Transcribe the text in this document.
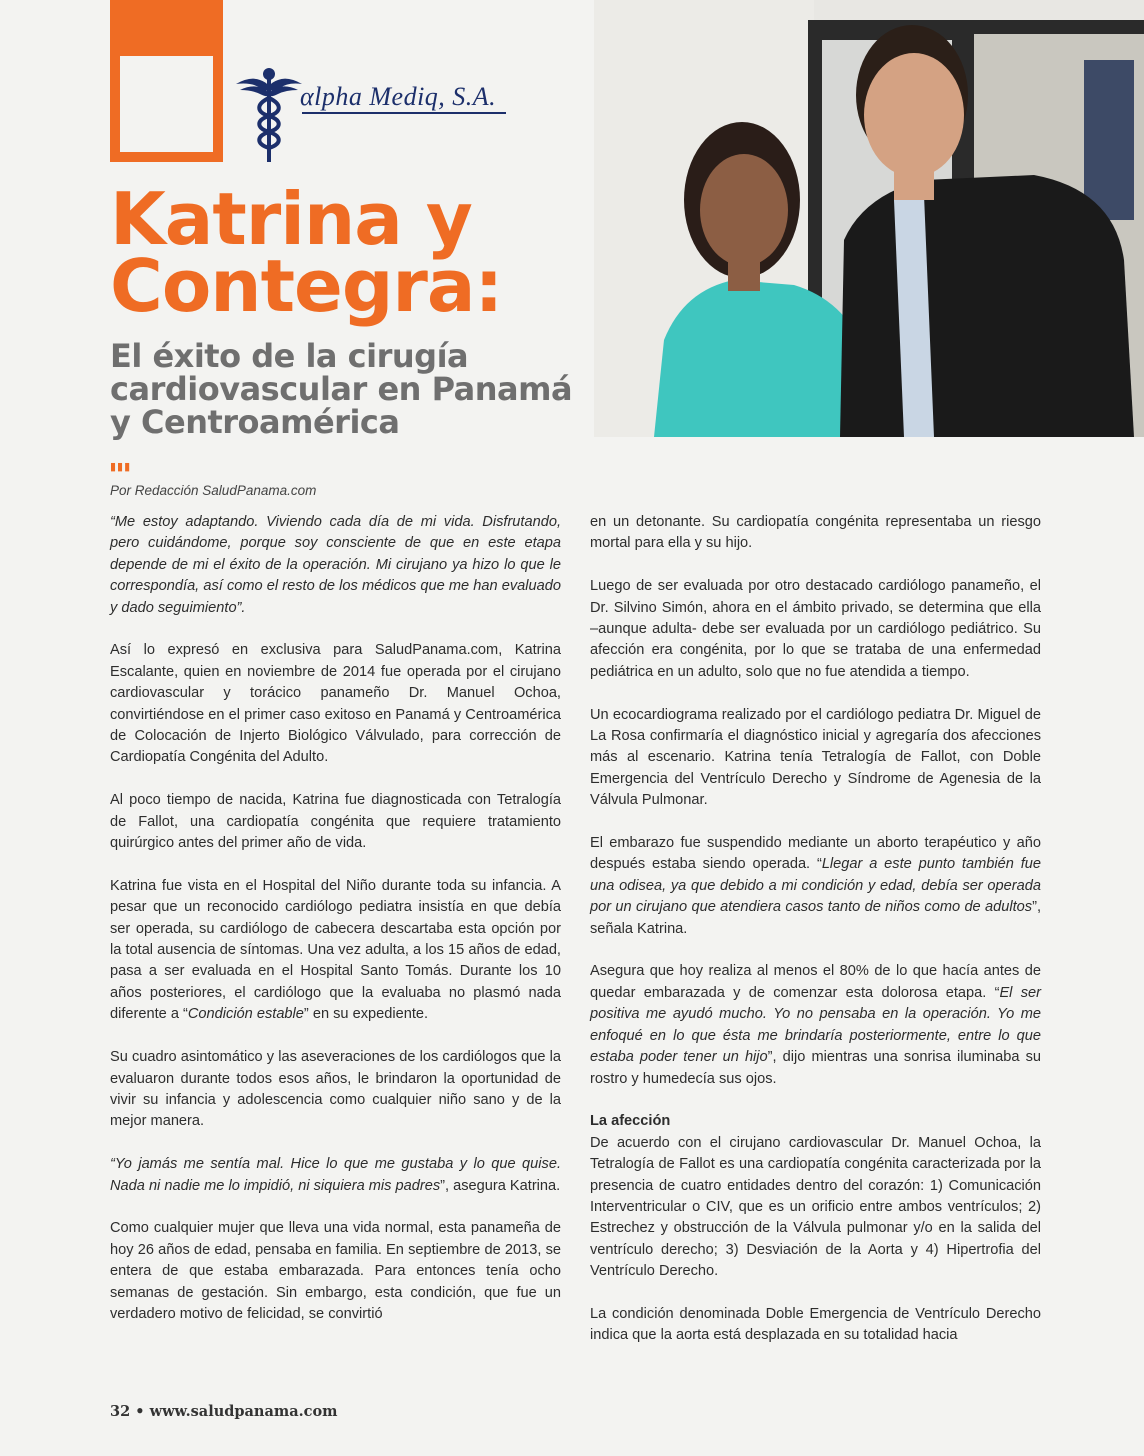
αlpha Mediq, S.A.
Katrina y
Contegra:
El éxito de la cirugía
cardiovascular en Panamá
y Centroamérica
▮▮▮
Por Redacción SaludPanama.com

“Me estoy adaptando. Viviendo cada día de mi vida. Disfrutando, pero cuidándome, porque soy consciente de que en este etapa depende de mi el éxito de la operación. Mi cirujano ya hizo lo que le correspondía, así como el resto de los médicos que me han evaluado y dado seguimiento”.

Así lo expresó en exclusiva para SaludPanama.com, Katrina Escalante, quien en noviembre de 2014 fue operada por el cirujano cardiovascular y torácico panameño Dr. Manuel Ochoa, convirtiéndose en el primer caso exitoso en Panamá y Centroamérica de Colocación de Injerto Biológico Válvulado, para corrección de Cardiopatía Congénita del Adulto.

Al poco tiempo de nacida, Katrina fue diagnosticada con Tetralogía de Fallot, una cardiopatía congénita que requiere tratamiento quirúrgico antes del primer año de vida.

Katrina fue vista en el Hospital del Niño durante toda su infancia. A pesar que un reconocido cardiólogo pediatra insistía en que debía ser operada, su cardiólogo de cabecera descartaba esta opción por la total ausencia de síntomas. Una vez adulta, a los 15 años de edad, pasa a ser evaluada en el Hospital Santo Tomás. Durante los 10 años posteriores, el cardiólogo que la evaluaba no plasmó nada diferente a “Condición estable” en su expediente.

Su cuadro asintomático y las aseveraciones de los cardiólogos que la evaluaron durante todos esos años, le brindaron la oportunidad de vivir su infancia y adolescencia como cualquier niño sano y de la mejor manera.

“Yo jamás me sentía mal. Hice lo que me gustaba y lo que quise. Nada ni nadie me lo impidió, ni siquiera mis padres”, asegura Katrina.

Como cualquier mujer que lleva una vida normal, esta panameña de hoy 26 años de edad, pensaba en familia. En septiembre de 2013, se entera de que estaba embarazada. Para entonces tenía ocho semanas de gestación. Sin embargo, esta condición, que fue un verdadero motivo de felicidad, se convirtió

en un detonante. Su cardiopatía congénita representaba un riesgo mortal para ella y su hijo.

Luego de ser evaluada por otro destacado cardiólogo panameño, el Dr. Silvino Simón, ahora en el ámbito privado, se determina que ella –aunque adulta- debe ser evaluada por un cardiólogo pediátrico. Su afección era congénita, por lo que se trataba de una enfermedad pediátrica en un adulto, solo que no fue atendida a tiempo.

Un ecocardiograma realizado por el cardiólogo pediatra Dr. Miguel de La Rosa confirmaría el diagnóstico inicial y agregaría dos afecciones más al escenario. Katrina tenía Tetralogía de Fallot, con Doble Emergencia del Ventrículo Derecho y Síndrome de Agenesia de la Válvula Pulmonar.

El embarazo fue suspendido mediante un aborto terapéutico y año después estaba siendo operada. “Llegar a este punto también fue una odisea, ya que debido a mi condición y edad, debía ser operada por un cirujano que atendiera casos tanto de niños como de adultos”, señala Katrina.

Asegura que hoy realiza al menos el 80% de lo que hacía antes de quedar embarazada y de comenzar esta dolorosa etapa. “El ser positiva me ayudó mucho. Yo no pensaba en la operación. Yo me enfoqué en lo que ésta me brindaría posteriormente, entre lo que estaba poder tener un hijo”, dijo mientras una sonrisa iluminaba su rostro y humedecía sus ojos.

La afección

De acuerdo con el cirujano cardiovascular Dr. Manuel Ochoa, la Tetralogía de Fallot es una cardiopatía congénita caracterizada por la presencia de cuatro entidades dentro del corazón: 1) Comunicación Interventricular o CIV, que es un orificio entre ambos ventrículos; 2) Estrechez y obstrucción de la Válvula pulmonar y/o en la salida del ventrículo derecho; 3) Desviación de la Aorta y 4) Hipertrofia del Ventrículo Derecho.

La condición denominada Doble Emergencia de Ventrículo Derecho indica que la aorta está desplazada en su totalidad hacia

32 • www.saludpanama.com
